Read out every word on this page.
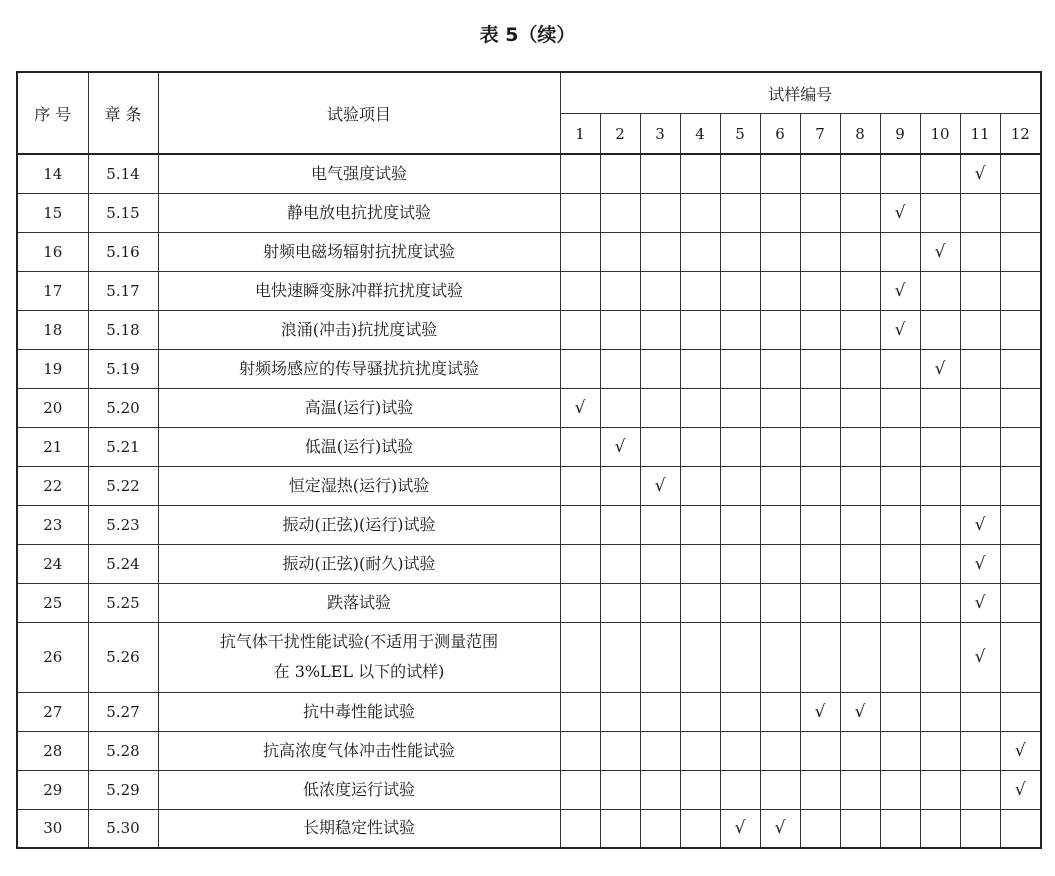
表 5（续）
序 号	章 条	试验项目	试样编号											
			1	2	3	4	5	6	7	8	9	10	11	12
14	5.14	电气强度试验											√	
15	5.15	静电放电抗扰度试验									√			
16	5.16	射频电磁场辐射抗扰度试验										√		
17	5.17	电快速瞬变脉冲群抗扰度试验									√			
18	5.18	浪涌(冲击)抗扰度试验									√			
19	5.19	射频场感应的传导骚扰抗扰度试验										√		
20	5.20	高温(运行)试验	√											
21	5.21	低温(运行)试验		√										
22	5.22	恒定湿热(运行)试验			√									
23	5.23	振动(正弦)(运行)试验											√	
24	5.24	振动(正弦)(耐久)试验											√	
25	5.25	跌落试验											√	
26	5.26	抗气体干扰性能试验(不适用于测量范围
在 3%LEL 以下的试样)											√	
27	5.27	抗中毒性能试验							√	√				
28	5.28	抗高浓度气体冲击性能试验												√
29	5.29	低浓度运行试验												√
30	5.30	长期稳定性试验					√	√						
